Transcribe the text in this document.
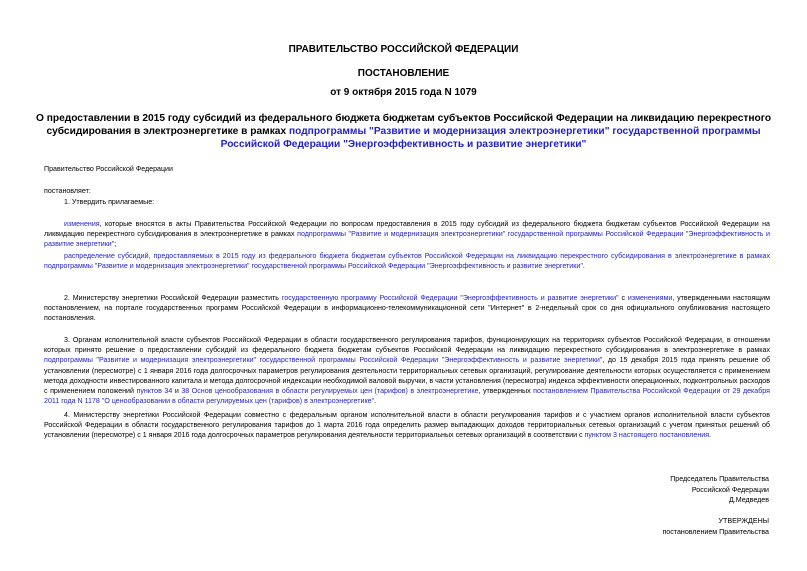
ПРАВИТЕЛЬСТВО РОССИЙСКОЙ ФЕДЕРАЦИИ
ПОСТАНОВЛЕНИЕ
от 9 октября 2015 года N 1079
О предоставлении в 2015 году субсидий из федерального бюджета бюджетам субъектов Российской Федерации на ликвидацию перекрестного субсидирования в электроэнергетике в рамках подпрограммы "Развитие и модернизация электроэнергетики" государственной программы Российской Федерации "Энергоэффективность и развитие энергетики"
Правительство Российской Федерации
постановляет:
1. Утвердить прилагаемые:
изменения, которые вносятся в акты Правительства Российской Федерации по вопросам предоставления в 2015 году субсидий из федерального бюджета бюджетам субъектов Российской Федерации на ликвидацию перекрестного субсидирования в электроэнергетике в рамках подпрограммы "Развитие и модернизация электроэнергетики" государственной программы Российской Федерации "Энергоэффективность и развитие энергетики";
распределение субсидий, предоставляемых в 2015 году из федерального бюджета бюджетам субъектов Российской Федерации на ликвидацию перекрестного субсидирования в электроэнергетике в рамках подпрограммы "Развитие и модернизация электроэнергетики" государственной программы Российской Федерации "Энергоэффективность и развитие энергетики".
2. Министерству энергетики Российской Федерации разместить государственную программу Российской Федерации "Энергоэффективность и развитие энергетики" с изменениями, утвержденными настоящим постановлением, на портале государственных программ Российской Федерации в информационно-телекоммуникационной сети "Интернет" в 2-недельный срок со дня официального опубликования настоящего постановления.
3. Органам исполнительной власти субъектов Российской Федерации в области государственного регулирования тарифов, функционирующих на территориях субъектов Российской Федерации, в отношении которых принято решение о предоставлении субсидий из федерального бюджета бюджетам субъектов Российской Федерации на ликвидацию перекрестного субсидирования в электроэнергетике в рамках подпрограммы "Развитие и модернизация электроэнергетики" государственной программы Российской Федерации "Энергоэффективность и развитие энергетики", до 15 декабря 2015 года принять решение об установлении (пересмотре) с 1 января 2016 года долгосрочных параметров регулирования деятельности территориальных сетевых организаций, регулирование деятельности которых осуществляется с применением метода доходности инвестированного капитала и метода долгосрочной индексации необходимой валовой выручки, в части установления (пересмотра) индекса эффективности операционных, подконтрольных расходов с применением положений пунктов 34 и 38 Основ ценообразования в области регулируемых цен (тарифов) в электроэнергетике, утвержденных постановлением Правительства Российской Федерации от 29 декабря 2011 года N 1178 "О ценообразовании в области регулируемых цен (тарифов) в электроэнергетике".
4. Министерству энергетики Российской Федерации совместно с федеральным органом исполнительной власти в области регулирования тарифов и с участием органов исполнительной власти субъектов Российской Федерации в области государственного регулирования тарифов до 1 марта 2016 года определить размер выпадающих доходов территориальных сетевых организаций с учетом принятых решений об установлении (пересмотре) с 1 января 2016 года долгосрочных параметров регулирования деятельности территориальных сетевых организаций в соответствии с пунктом 3 настоящего постановления.
Председатель Правительства
Российской Федерации
Д.Медведев
УТВЕРЖДЕНЫ
постановлением Правительства
